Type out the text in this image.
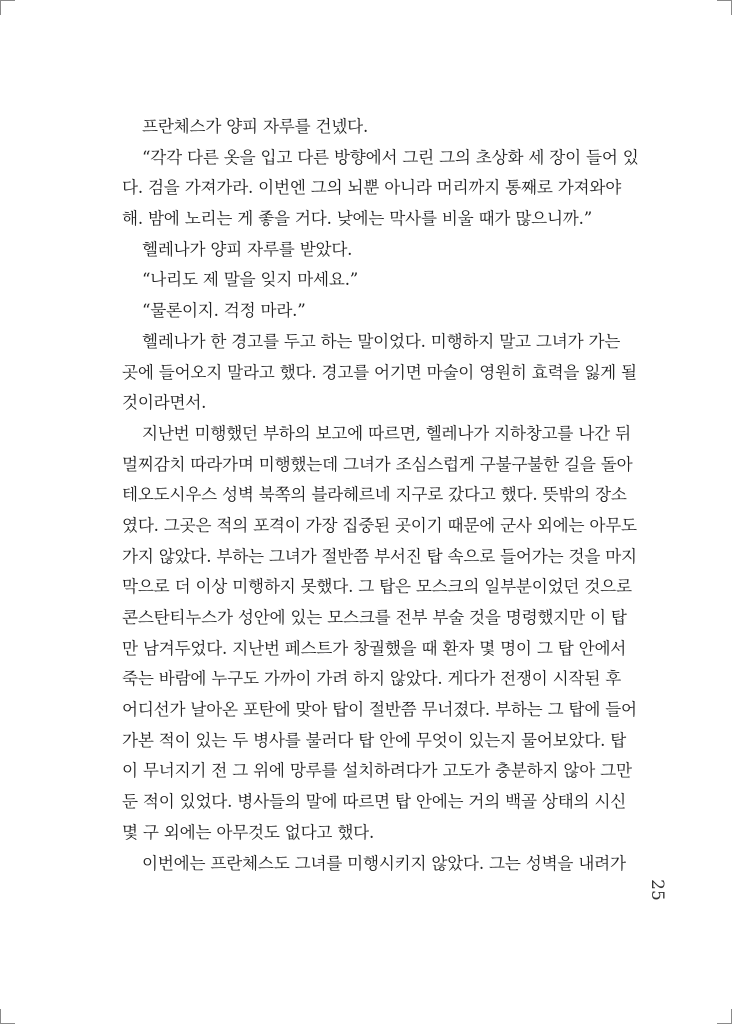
프란체스가 양피 자루를 건넸다.
“각각 다른 옷을 입고 다른 방향에서 그린 그의 초상화 세 장이 들어 있
다. 검을 가져가라. 이번엔 그의 뇌뿐 아니라 머리까지 통째로 가져와야
해. 밤에 노리는 게 좋을 거다. 낮에는 막사를 비울 때가 많으니까.”
헬레나가 양피 자루를 받았다.
“나리도 제 말을 잊지 마세요.”
“물론이지. 걱정 마라.”
헬레나가 한 경고를 두고 하는 말이었다. 미행하지 말고 그녀가 가는
곳에 들어오지 말라고 했다. 경고를 어기면 마술이 영원히 효력을 잃게 될
것이라면서.
지난번 미행했던 부하의 보고에 따르면, 헬레나가 지하창고를 나간 뒤
멀찌감치 따라가며 미행했는데 그녀가 조심스럽게 구불구불한 길을 돌아
테오도시우스 성벽 북쪽의 블라헤르네 지구로 갔다고 했다. 뜻밖의 장소
였다. 그곳은 적의 포격이 가장 집중된 곳이기 때문에 군사 외에는 아무도
가지 않았다. 부하는 그녀가 절반쯤 부서진 탑 속으로 들어가는 것을 마지
막으로 더 이상 미행하지 못했다. 그 탑은 모스크의 일부분이었던 것으로
콘스탄티누스가 성안에 있는 모스크를 전부 부술 것을 명령했지만 이 탑
만 남겨두었다. 지난번 페스트가 창궐했을 때 환자 몇 명이 그 탑 안에서
죽는 바람에 누구도 가까이 가려 하지 않았다. 게다가 전쟁이 시작된 후
어디선가 날아온 포탄에 맞아 탑이 절반쯤 무너졌다. 부하는 그 탑에 들어
가본 적이 있는 두 병사를 불러다 탑 안에 무엇이 있는지 물어보았다. 탑
이 무너지기 전 그 위에 망루를 설치하려다가 고도가 충분하지 않아 그만
둔 적이 있었다. 병사들의 말에 따르면 탑 안에는 거의 백골 상태의 시신
몇 구 외에는 아무것도 없다고 했다.
이번에는 프란체스도 그녀를 미행시키지 않았다. 그는 성벽을 내려가
25
